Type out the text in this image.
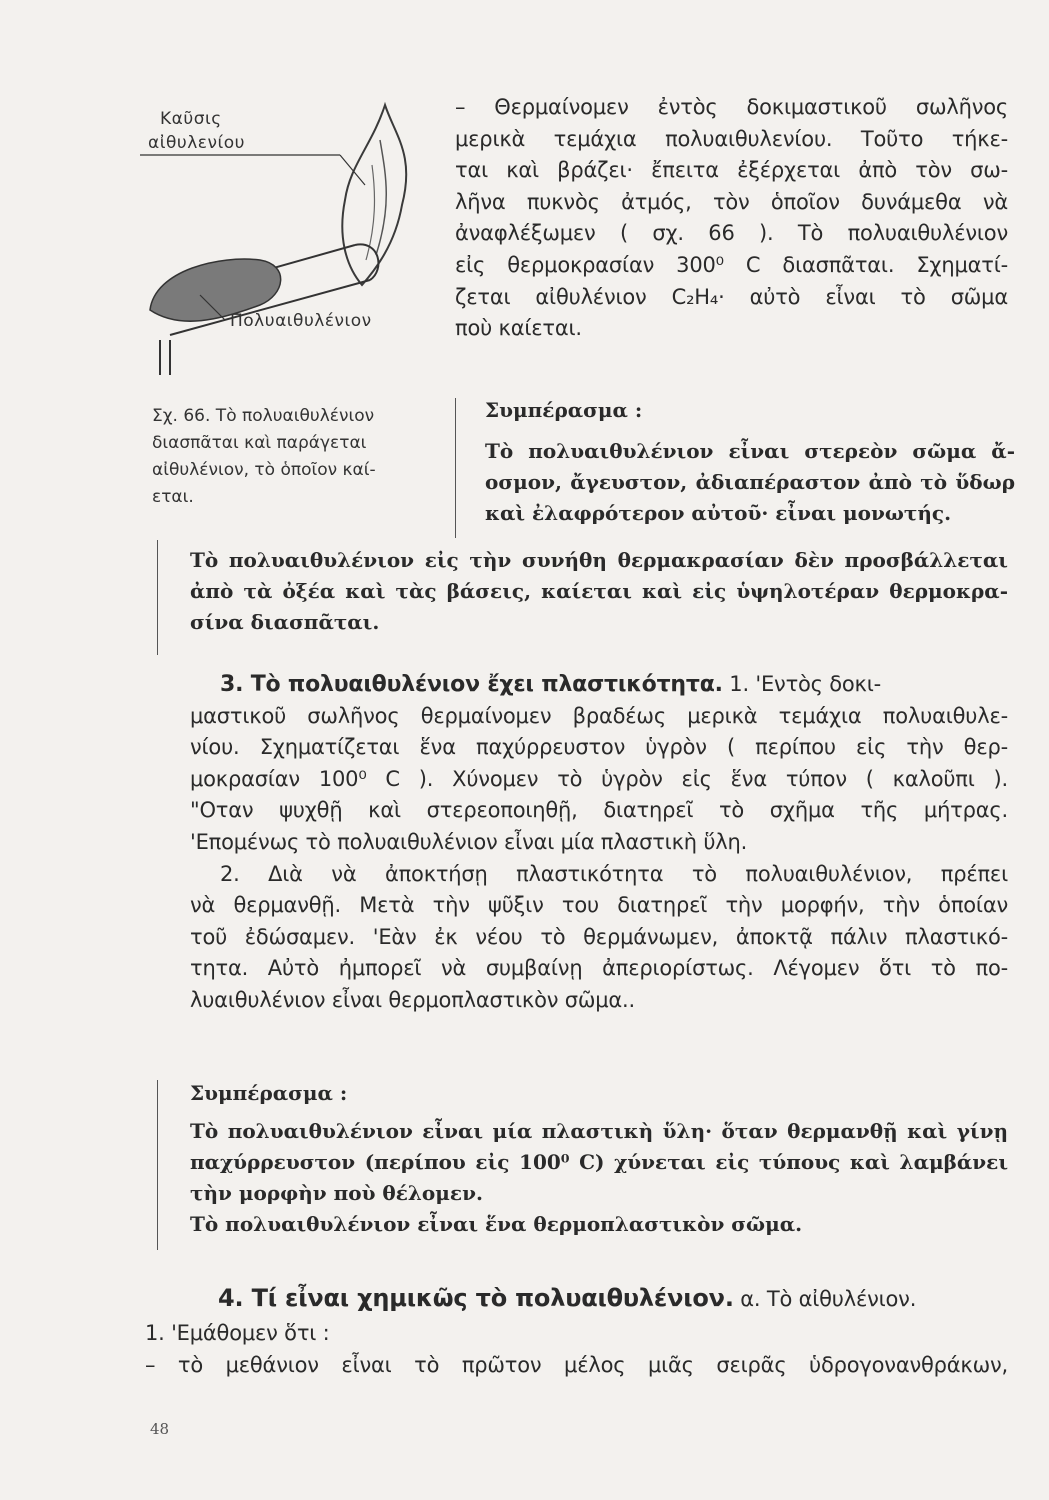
Καῦσις
αἰθυλενίου
Πολυαιθυλένιον
Σχ. 66. Τὸ πολυαιθυλένιον
διασπᾶται καὶ παράγεται
αἰθυλένιον, τὸ ὁποῖον καί-
εται.
– Θερμαίνομεν ἐντὸς δοκιμαστικοῦ σωλῆνος
μερικὰ τεμάχια πολυαιθυλενίου. Τοῦτο τήκε-
ται καὶ βράζει· ἔπειτα ἐξέρχεται ἀπὸ τὸν σω-
λῆνα πυκνὸς ἀτμός, τὸν ὁποῖον δυνάμεθα νὰ
ἀναφλέξωμεν ( σχ. 66 ). Τὸ πολυαιθυλένιον
εἰς θερμοκρασίαν 300⁰ C διασπᾶται. Σχηματί-
ζεται αἰθυλένιον C₂H₄· αὐτὸ εἶναι τὸ σῶμα
ποὺ καίεται.
Συμπέρασμα :
Τὸ πολυαιθυλένιον εἶναι στερεὸν σῶμα ἄ-
οσμον, ἄγευστον, ἀδιαπέραστον ἀπὸ τὸ ὕδωρ
καὶ ἐλαφρότερον αὐτοῦ· εἶναι μονωτής.
Τὸ πολυαιθυλένιον εἰς τὴν συνήθη θερμακρασίαν δὲν προσβάλλεται
ἀπὸ τὰ ὀξέα καὶ τὰς βάσεις, καίεται καὶ εἰς ὑψηλοτέραν θερμοκρα-
σίνα διασπᾶται.
3. Τὸ πολυαιθυλένιον ἔχει πλαστικότητα. 1. 'Εντὸς δοκι-
μαστικοῦ σωλῆνος θερμαίνομεν βραδέως μερικὰ τεμάχια πολυαιθυλε-
νίου. Σχηματίζεται ἕνα παχύρρευστον ὑγρὸν ( περίπου εἰς τὴν θερ-
μοκρασίαν 100⁰ C ). Χύνομεν τὸ ὑγρὸν εἰς ἕνα τύπον ( καλοῦπι ).
"Οταν ψυχθῇ καὶ στερεοποιηθῇ, διατηρεῖ τὸ σχῆμα τῆς μήτρας.
'Επομένως τὸ πολυαιθυλένιον εἶναι μία πλαστικὴ ὕλη.
2. Διὰ νὰ ἀποκτήσῃ πλαστικότητα τὸ πολυαιθυλένιον, πρέπει
νὰ θερμανθῇ. Μετὰ τὴν ψῦξιν του διατηρεῖ τὴν μορφήν, τὴν ὁποίαν
τοῦ ἐδώσαμεν. 'Εὰν ἐκ νέου τὸ θερμάνωμεν, ἀποκτᾷ πάλιν πλαστικό-
τητα. Αὐτὸ ἠμπορεῖ νὰ συμβαίνῃ ἀπεριορίστως. Λέγομεν ὅτι τὸ πο-
λυαιθυλένιον εἶναι θερμοπλαστικὸν σῶμα..
Συμπέρασμα :
Τὸ πολυαιθυλένιον εἶναι μία πλαστικὴ ὕλη· ὅταν θερμανθῇ καὶ γίνῃ
παχύρρευστον (περίπου εἰς 100⁰ C) χύνεται εἰς τύπους καὶ λαμβάνει
τὴν μορφὴν ποὺ θέλομεν.
Τὸ πολυαιθυλένιον εἶναι ἕνα θερμοπλαστικὸν σῶμα.
4. Τί εἶναι χημικῶς τὸ πολυαιθυλένιον. α. Τὸ αἰθυλένιον.
1. 'Εμάθομεν ὅτι :
– τὸ μεθάνιον εἶναι τὸ πρῶτον μέλος μιᾶς σειρᾶς ὑδρογονανθράκων,
48
